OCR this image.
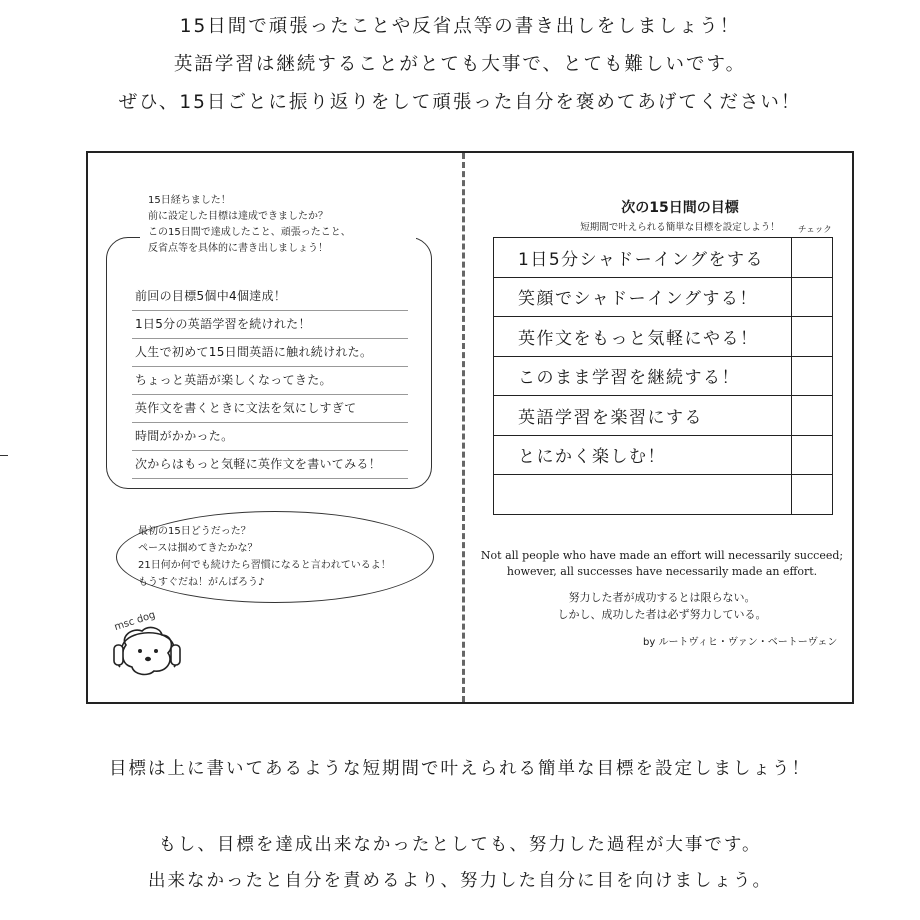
15日間で頑張ったことや反省点等の書き出しをしましょう！
英語学習は継続することがとても大事で、とても難しいです。
ぜひ、15日ごとに振り返りをして頑張った自分を褒めてあげてください！
15日経ちました！
前に設定した目標は達成できましたか？
この15日間で達成したこと、頑張ったこと、
反省点等を具体的に書き出しましょう！
前回の目標5個中4個達成！
1日5分の英語学習を続けれた！
人生で初めて15日間英語に触れ続けれた。
ちょっと英語が楽しくなってきた。
英作文を書くときに文法を気にしすぎて
時間がかかった。
次からはもっと気軽に英作文を書いてみる！
最初の15日どうだった？
ペースは掴めてきたかな？
21日何か何でも続けたら習慣になると言われているよ！
もうすぐだね！がんばろう♪
msc dog
次の15日間の目標
短期間で叶えられる簡単な目標を設定しよう！	チェック
1日5分シャドーイングをする
笑顔でシャドーイングする！
英作文をもっと気軽にやる！
このまま学習を継続する！
英語学習を楽習にする
とにかく楽しむ！
Not all people who have made an effort will necessarily succeed;
however, all successes have necessarily made an effort.
努力した者が成功するとは限らない。
しかし、成功した者は必ず努力している。
by ルートヴィヒ・ヴァン・ベートーヴェン
目標は上に書いてあるような短期間で叶えられる簡単な目標を設定しましょう！
もし、目標を達成出来なかったとしても、努力した過程が大事です。
出来なかったと自分を責めるより、努力した自分に目を向けましょう。
